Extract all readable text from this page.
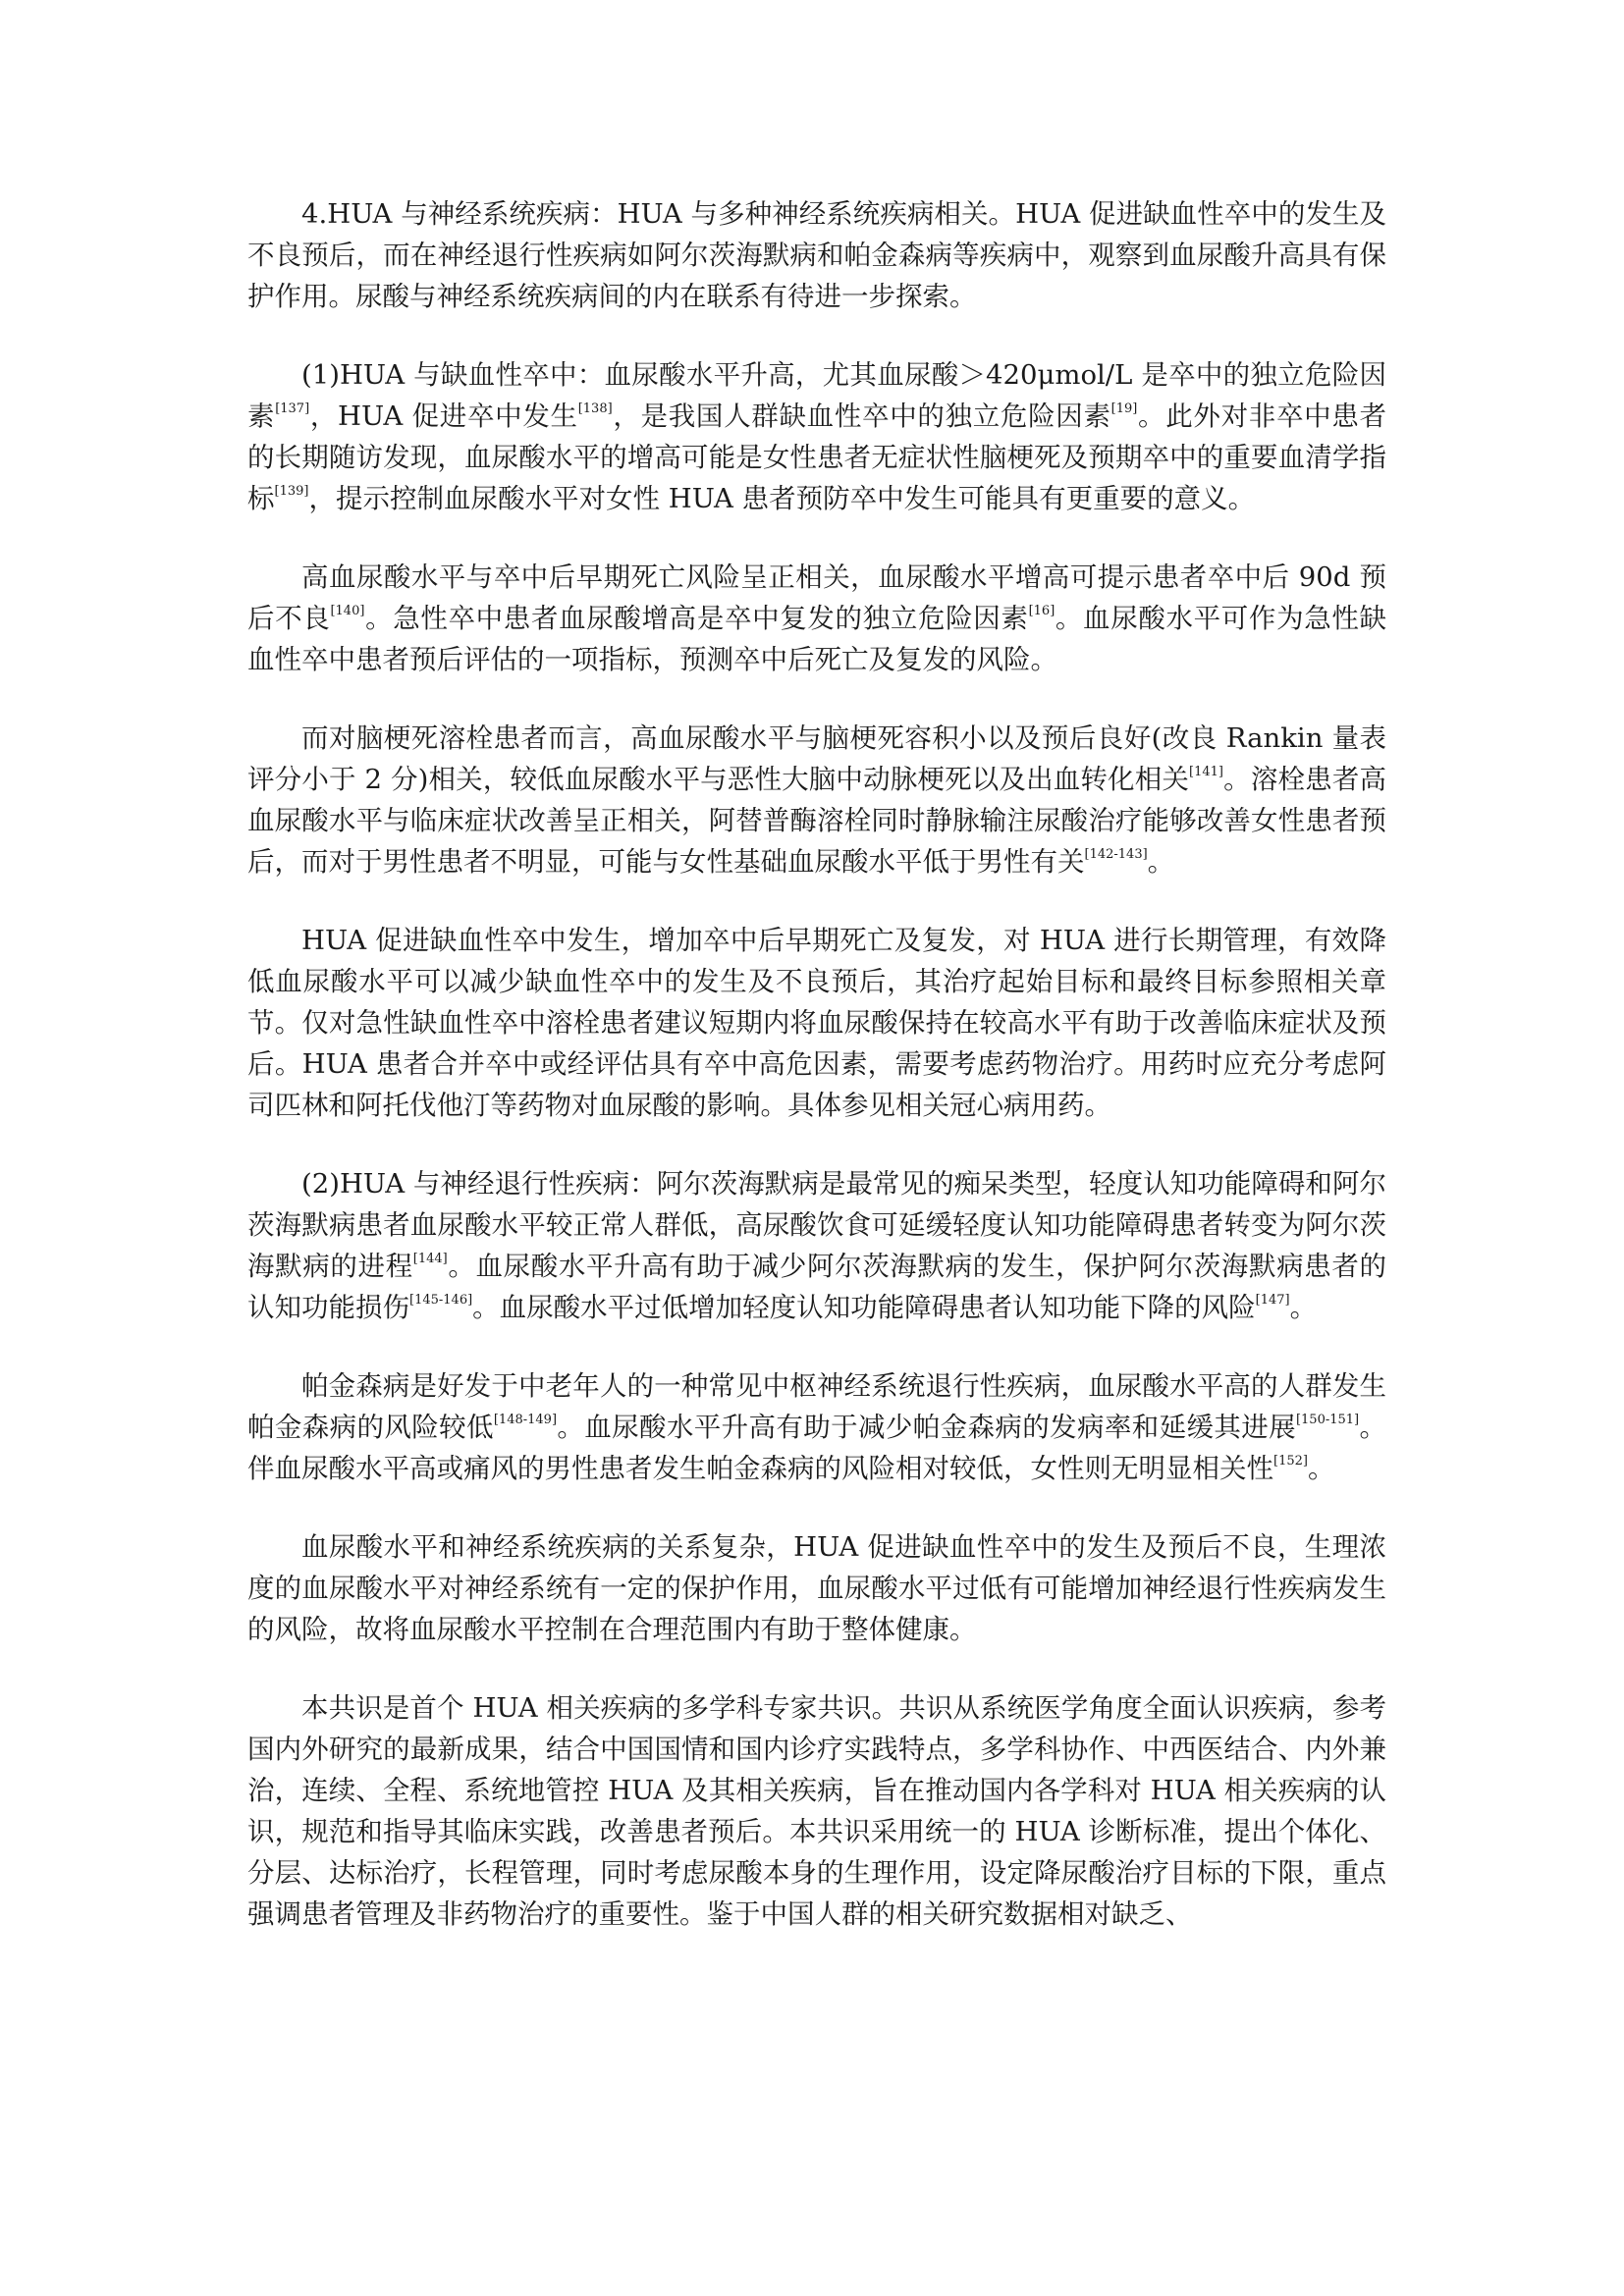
4.HUA 与神经系统疾病：HUA 与多种神经系统疾病相关。HUA 促进缺血性卒中的发生及不良预后，而在神经退行性疾病如阿尔茨海默病和帕金森病等疾病中，观察到血尿酸升高具有保护作用。尿酸与神经系统疾病间的内在联系有待进一步探索。

(1)HUA 与缺血性卒中：血尿酸水平升高，尤其血尿酸＞420μmol/L 是卒中的独立危险因素[137]，HUA 促进卒中发生[138]，是我国人群缺血性卒中的独立危险因素[19]。此外对非卒中患者的长期随访发现，血尿酸水平的增高可能是女性患者无症状性脑梗死及预期卒中的重要血清学指标[139]，提示控制血尿酸水平对女性 HUA 患者预防卒中发生可能具有更重要的意义。

高血尿酸水平与卒中后早期死亡风险呈正相关，血尿酸水平增高可提示患者卒中后 90d 预后不良[140]。急性卒中患者血尿酸增高是卒中复发的独立危险因素[16]。血尿酸水平可作为急性缺血性卒中患者预后评估的一项指标，预测卒中后死亡及复发的风险。

而对脑梗死溶栓患者而言，高血尿酸水平与脑梗死容积小以及预后良好(改良 Rankin 量表评分小于 2 分)相关，较低血尿酸水平与恶性大脑中动脉梗死以及出血转化相关[141]。溶栓患者高血尿酸水平与临床症状改善呈正相关，阿替普酶溶栓同时静脉输注尿酸治疗能够改善女性患者预后，而对于男性患者不明显，可能与女性基础血尿酸水平低于男性有关[142-143]。

HUA 促进缺血性卒中发生，增加卒中后早期死亡及复发，对 HUA 进行长期管理，有效降低血尿酸水平可以减少缺血性卒中的发生及不良预后，其治疗起始目标和最终目标参照相关章节。仅对急性缺血性卒中溶栓患者建议短期内将血尿酸保持在较高水平有助于改善临床症状及预后。HUA 患者合并卒中或经评估具有卒中高危因素，需要考虑药物治疗。用药时应充分考虑阿司匹林和阿托伐他汀等药物对血尿酸的影响。具体参见相关冠心病用药。

(2)HUA 与神经退行性疾病：阿尔茨海默病是最常见的痴呆类型，轻度认知功能障碍和阿尔茨海默病患者血尿酸水平较正常人群低，高尿酸饮食可延缓轻度认知功能障碍患者转变为阿尔茨海默病的进程[144]。血尿酸水平升高有助于减少阿尔茨海默病的发生，保护阿尔茨海默病患者的认知功能损伤[145-146]。血尿酸水平过低增加轻度认知功能障碍患者认知功能下降的风险[147]。

帕金森病是好发于中老年人的一种常见中枢神经系统退行性疾病，血尿酸水平高的人群发生帕金森病的风险较低[148-149]。血尿酸水平升高有助于减少帕金森病的发病率和延缓其进展[150-151]。伴血尿酸水平高或痛风的男性患者发生帕金森病的风险相对较低，女性则无明显相关性[152]。

血尿酸水平和神经系统疾病的关系复杂，HUA 促进缺血性卒中的发生及预后不良，生理浓度的血尿酸水平对神经系统有一定的保护作用，血尿酸水平过低有可能增加神经退行性疾病发生的风险，故将血尿酸水平控制在合理范围内有助于整体健康。

本共识是首个 HUA 相关疾病的多学科专家共识。共识从系统医学角度全面认识疾病，参考国内外研究的最新成果，结合中国国情和国内诊疗实践特点，多学科协作、中西医结合、内外兼治，连续、全程、系统地管控 HUA 及其相关疾病，旨在推动国内各学科对 HUA 相关疾病的认识，规范和指导其临床实践，改善患者预后。本共识采用统一的 HUA 诊断标准，提出个体化、分层、达标治疗，长程管理，同时考虑尿酸本身的生理作用，设定降尿酸治疗目标的下限，重点强调患者管理及非药物治疗的重要性。鉴于中国人群的相关研究数据相对缺乏、
